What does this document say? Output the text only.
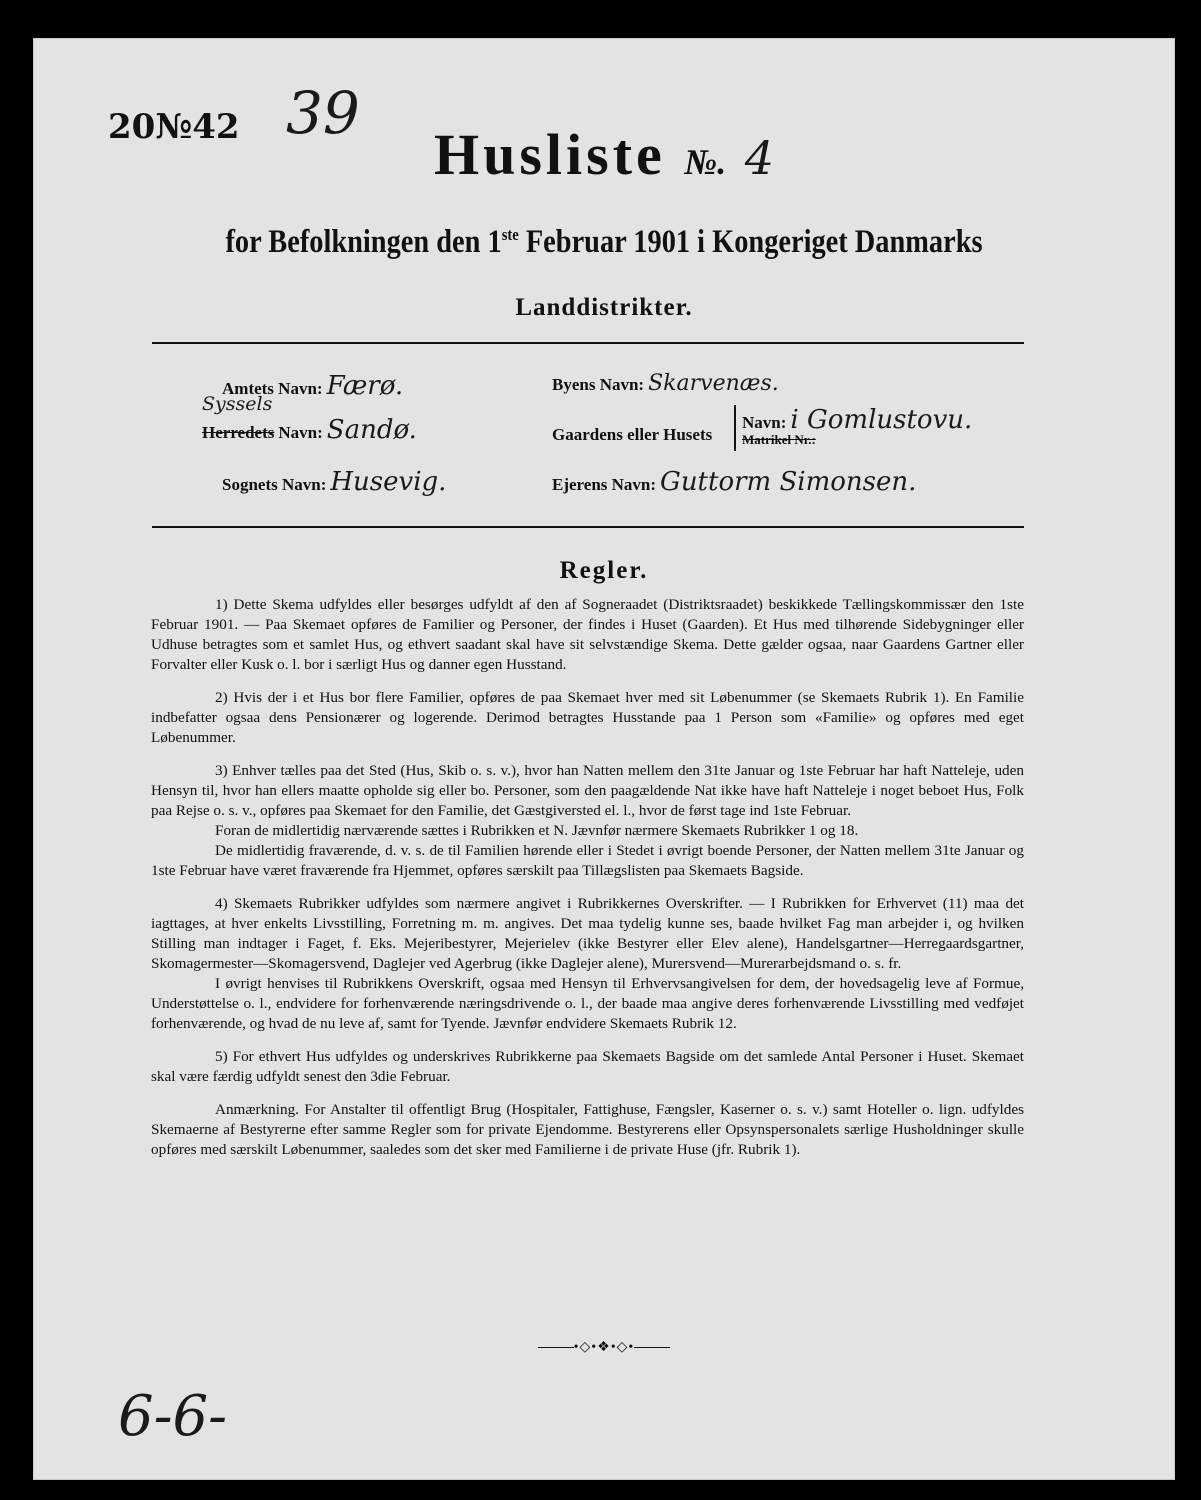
20№42 39
Husliste №. 4
for Befolkningen den 1ste Februar 1901 i Kongeriget Danmarks
Landdistrikter.
Amtets Navn: Færø.
Syssels
Herredets Navn: Sandø.
Sognets Navn: Husevig.
Byens Navn: Skarvenæs.
Gaardens eller Husets
Navn: i Gomlustovu.
Matrikel Nr.:
Ejerens Navn: Guttorm Simonsen.
Regler.

1) Dette Skema udfyldes eller besørges udfyldt af den af Sogneraadet (Distriktsraadet) beskikkede Tællingskommissær den 1ste Februar 1901. — Paa Skemaet opføres de Familier og Personer, der findes i Huset (Gaarden). Et Hus med tilhørende Sidebygninger eller Udhuse betragtes som et samlet Hus, og ethvert saadant skal have sit selvstændige Skema. Dette gælder ogsaa, naar Gaardens Gartner eller Forvalter eller Kusk o. l. bor i særligt Hus og danner egen Husstand.

2) Hvis der i et Hus bor flere Familier, opføres de paa Skemaet hver med sit Løbenummer (se Skemaets Rubrik 1). En Familie indbefatter ogsaa dens Pensionærer og logerende. Derimod betragtes Husstande paa 1 Person som «Familie» og opføres med eget Løbenummer.

3) Enhver tælles paa det Sted (Hus, Skib o. s. v.), hvor han Natten mellem den 31te Januar og 1ste Februar har haft Natteleje, uden Hensyn til, hvor han ellers maatte opholde sig eller bo. Personer, som den paagældende Nat ikke have haft Natteleje i noget beboet Hus, Folk paa Rejse o. s. v., opføres paa Skemaet for den Familie, det Gæstgiversted el. l., hvor de først tage ind 1ste Februar.

Foran de midlertidig nærværende sættes i Rubrikken et N. Jævnfør nærmere Skemaets Rubrikker 1 og 18.

De midlertidig fraværende, d. v. s. de til Familien hørende eller i Stedet i øvrigt boende Personer, der Natten mellem 31te Januar og 1ste Februar have været fraværende fra Hjemmet, opføres særskilt paa Tillægslisten paa Skemaets Bagside.

4) Skemaets Rubrikker udfyldes som nærmere angivet i Rubrikkernes Overskrifter. — I Rubrikken for Erhvervet (11) maa det iagttages, at hver enkelts Livsstilling, Forretning m. m. angives. Det maa tydelig kunne ses, baade hvilket Fag man arbejder i, og hvilken Stilling man indtager i Faget, f. Eks. Mejeribestyrer, Mejerielev (ikke Bestyrer eller Elev alene), Handelsgartner—Herregaardsgartner, Skomagermester—Skomagersvend, Daglejer ved Agerbrug (ikke Daglejer alene), Murersvend—Murerarbejdsmand o. s. fr.

I øvrigt henvises til Rubrikkens Overskrift, ogsaa med Hensyn til Erhvervsangivelsen for dem, der hovedsagelig leve af Formue, Understøttelse o. l., endvidere for forhenværende næringsdrivende o. l., der baade maa angive deres forhenværende Livsstilling med vedføjet forhenværende, og hvad de nu leve af, samt for Tyende. Jævnfør endvidere Skemaets Rubrik 12.

5) For ethvert Hus udfyldes og underskrives Rubrikkerne paa Skemaets Bagside om det samlede Antal Personer i Huset. Skemaet skal være færdig udfyldt senest den 3die Februar.

Anmærkning. For Anstalter til offentligt Brug (Hospitaler, Fattighuse, Fængsler, Kaserner o. s. v.) samt Hoteller o. lign. udfyldes Skemaerne af Bestyrerne efter samme Regler som for private Ejendomme. Bestyrerens eller Opsynspersonalets særlige Husholdninger skulle opføres med særskilt Løbenummer, saaledes som det sker med Familierne i de private Huse (jfr. Rubrik 1).

•◇•❖•◇•
6-6-
